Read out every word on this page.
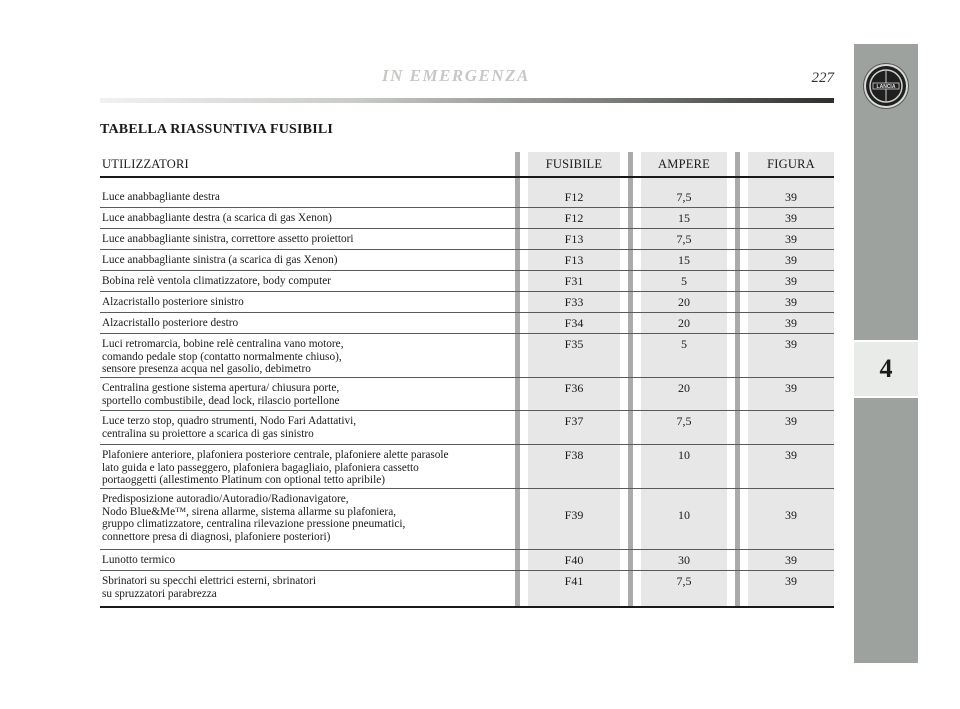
LANCIA
4
IN EMERGENZA	227
TABELLA RIASSUNTIVA FUSIBILI
UTILIZZATORI	FUSIBILE	AMPERE	FIGURA
Luce anabbagliante destra	F12	7,5	39
Luce anabbagliante destra (a scarica di gas Xenon)	F12	15	39
Luce anabbagliante sinistra, correttore assetto proiettori	F13	7,5	39
Luce anabbagliante sinistra (a scarica di gas Xenon)	F13	15	39
Bobina relè ventola climatizzatore, body computer	F31	5	39
Alzacristallo posteriore sinistro	F33	20	39
Alzacristallo posteriore destro	F34	20	39
Luci retromarcia, bobine relè centralina vano motore,
comando pedale stop (contatto normalmente chiuso),
sensore presenza acqua nel gasolio, debimetro
F35	5	39
Centralina gestione sistema apertura/ chiusura porte,
sportello combustibile, dead lock, rilascio portellone
F36	20	39
Luce terzo stop, quadro strumenti, Nodo Fari Adattativi,
centralina su proiettore a scarica di gas sinistro
F37	7,5	39
Plafoniere anteriore, plafoniera posteriore centrale, plafoniere alette parasole
lato guida e lato passeggero, plafoniera bagagliaio, plafoniera cassetto
portaoggetti (allestimento Platinum con optional tetto apribile)
F38	10	39
Predisposizione autoradio/Autoradio/Radionavigatore,
Nodo Blue&Me™, sirena allarme, sistema allarme su plafoniera,
gruppo climatizzatore, centralina rilevazione pressione pneumatici,
connettore presa di diagnosi, plafoniere posteriori)
F39	10	39
Lunotto termico	F40	30	39
Sbrinatori su specchi elettrici esterni, sbrinatori
su spruzzatori parabrezza
F41	7,5	39
